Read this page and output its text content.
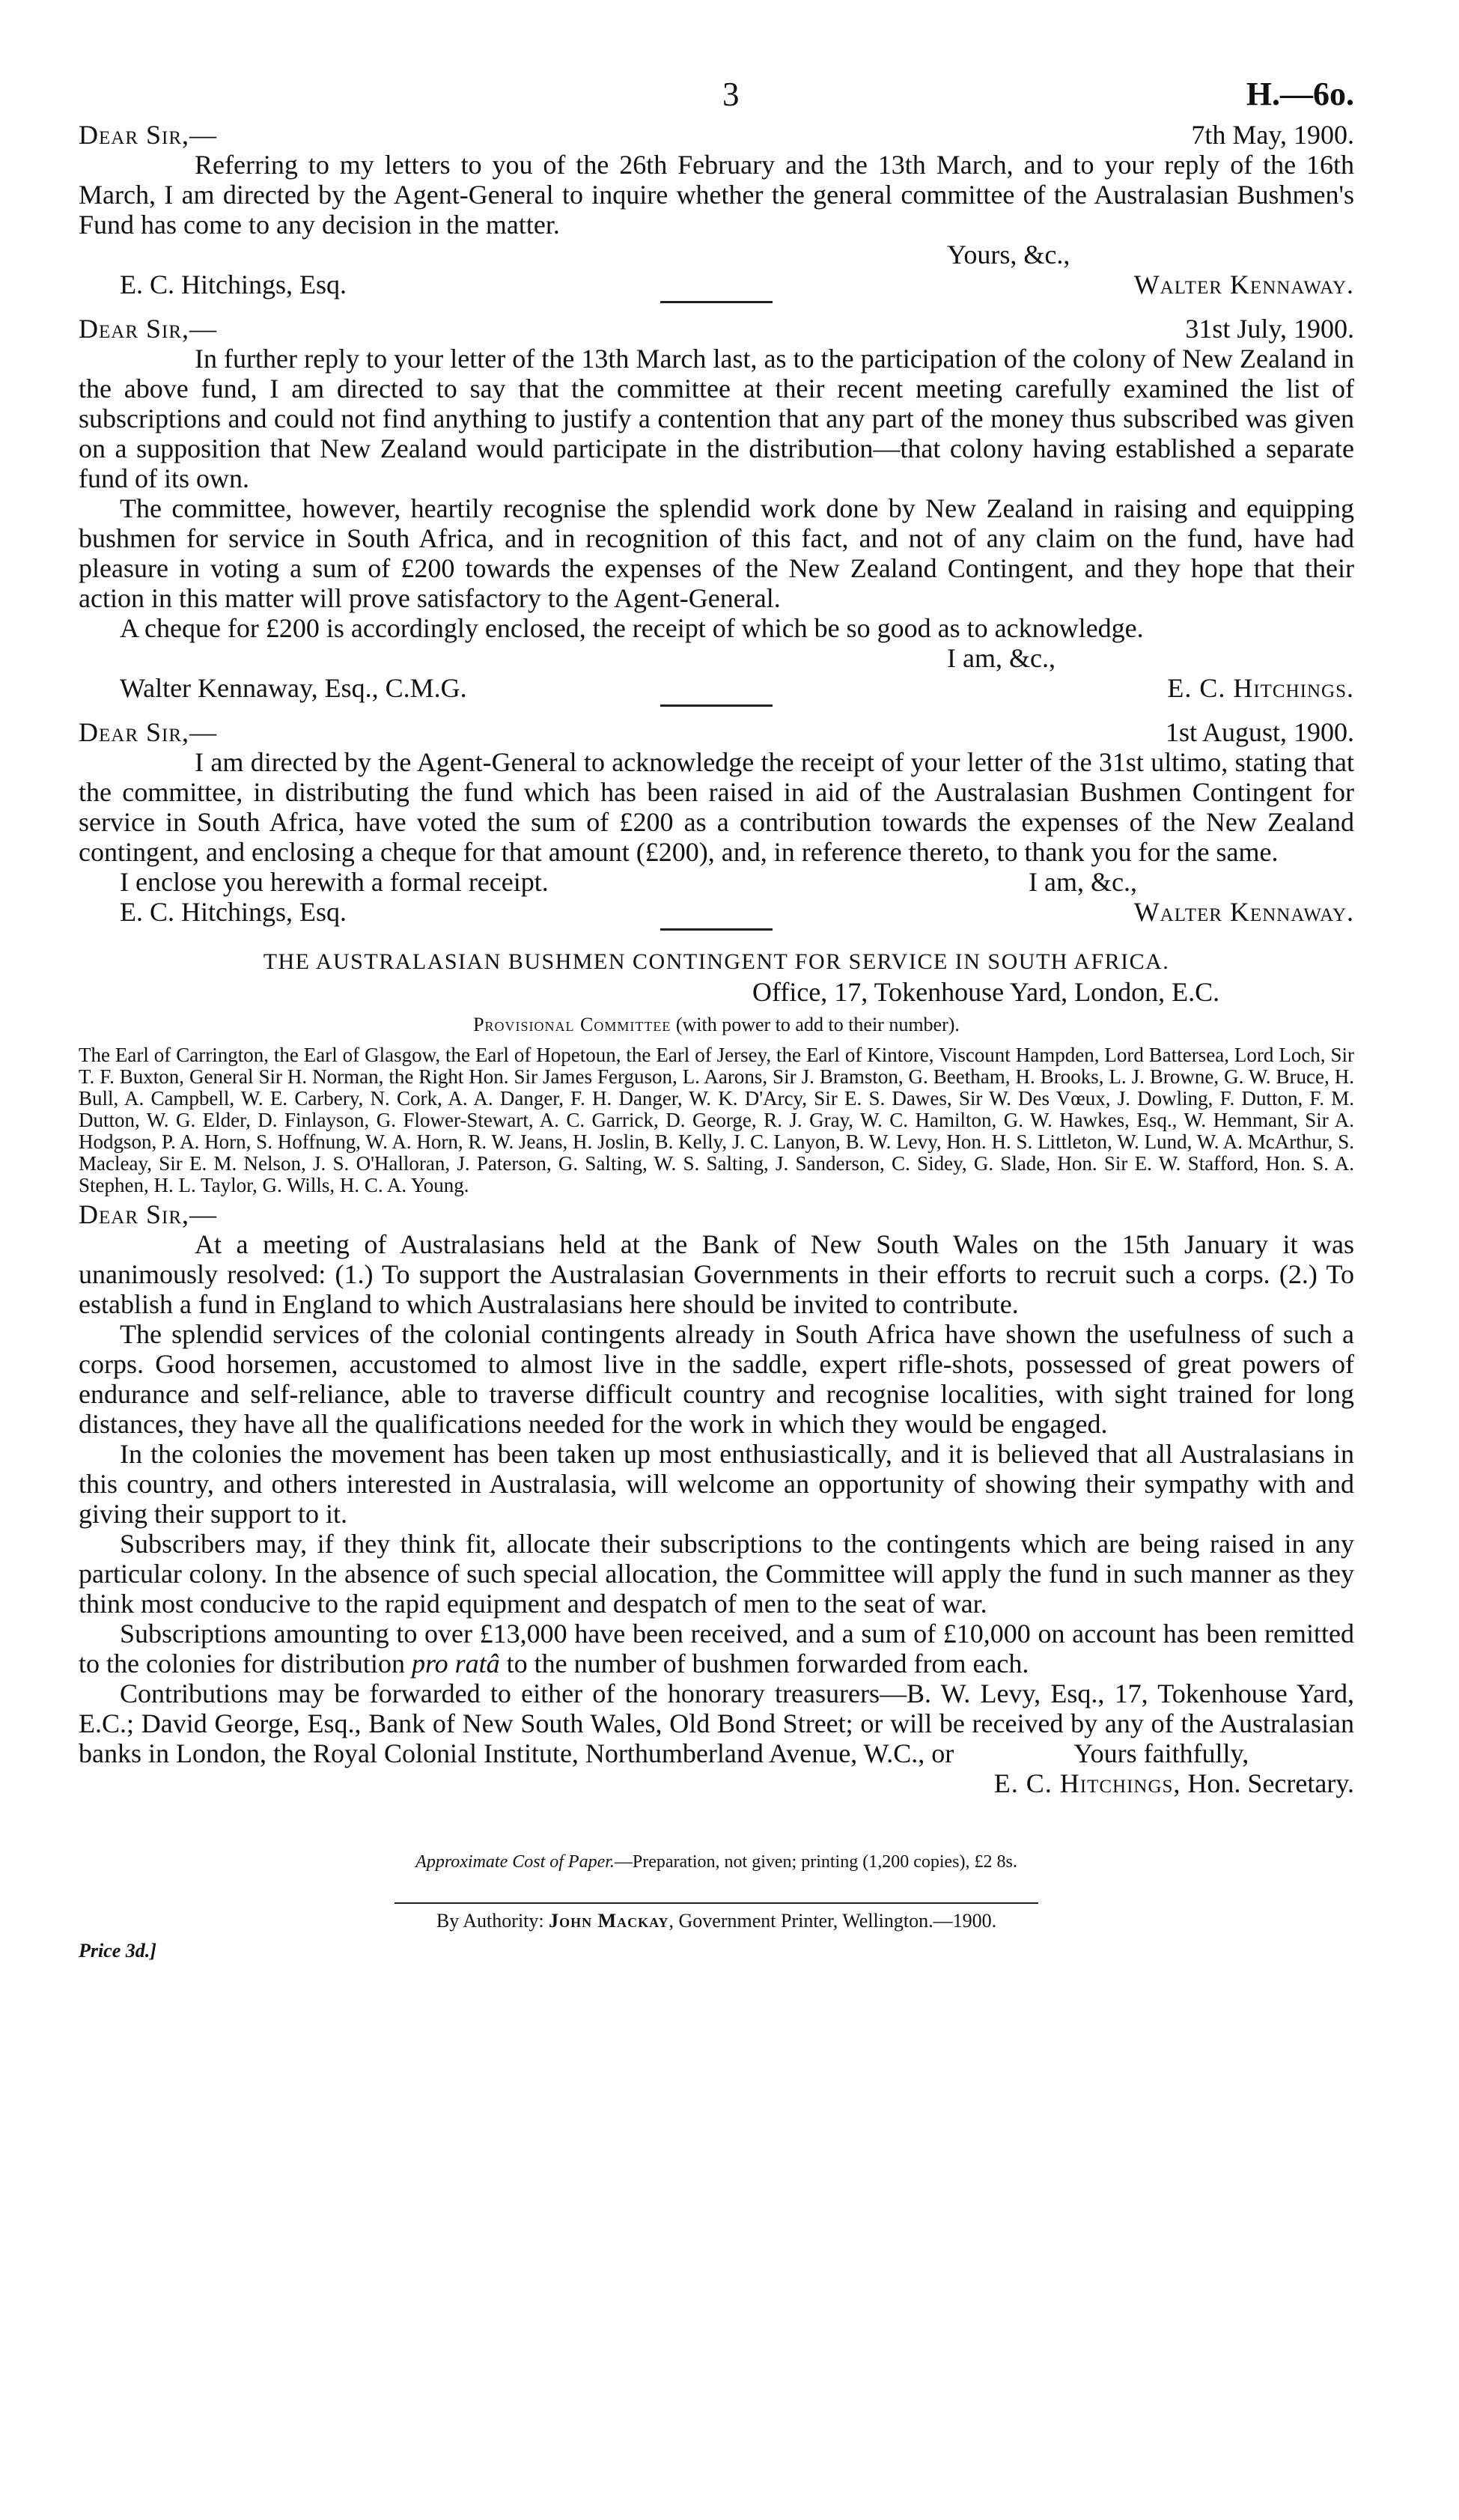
3	H.—6o.
Dear Sir,—	7th May, 1900.

Referring to my letters to you of the 26th February and the 13th March, and to your reply of the 16th March, I am directed by the Agent-General to inquire whether the general committee of the Australasian Bushmen's Fund has come to any decision in the matter.

Yours, &c.,
E. C. Hitchings, Esq.	Walter Kennaway.
Dear Sir,—	31st July, 1900.

In further reply to your letter of the 13th March last, as to the participation of the colony of New Zealand in the above fund, I am directed to say that the committee at their recent meeting carefully examined the list of subscriptions and could not find anything to justify a contention that any part of the money thus subscribed was given on a supposition that New Zealand would participate in the distribution—that colony having established a separate fund of its own.

The committee, however, heartily recognise the splendid work done by New Zealand in raising and equipping bushmen for service in South Africa, and in recognition of this fact, and not of any claim on the fund, have had pleasure in voting a sum of £200 towards the expenses of the New Zealand Contingent, and they hope that their action in this matter will prove satisfactory to the Agent-General.

A cheque for £200 is accordingly enclosed, the receipt of which be so good as to acknowledge.

I am, &c.,
Walter Kennaway, Esq., C.M.G.	E. C. Hitchings.
Dear Sir,—	1st August, 1900.

I am directed by the Agent-General to acknowledge the receipt of your letter of the 31st ultimo, stating that the committee, in distributing the fund which has been raised in aid of the Australasian Bushmen Contingent for service in South Africa, have voted the sum of £200 as a contribution towards the expenses of the New Zealand contingent, and enclosing a cheque for that amount (£200), and, in reference thereto, to thank you for the same.

I enclose you herewith a formal receipt.	I am, &c.,
E. C. Hitchings, Esq.	Walter Kennaway.
THE AUSTRALASIAN BUSHMEN CONTINGENT FOR SERVICE IN SOUTH AFRICA.
Office, 17, Tokenhouse Yard, London, E.C.
Provisional Committee (with power to add to their number).

The Earl of Carrington, the Earl of Glasgow, the Earl of Hopetoun, the Earl of Jersey, the Earl of Kintore, Viscount Hampden, Lord Battersea, Lord Loch, Sir T. F. Buxton, General Sir H. Norman, the Right Hon. Sir James Ferguson, L. Aarons, Sir J. Bramston, G. Beetham, H. Brooks, L. J. Browne, G. W. Bruce, H. Bull, A. Campbell, W. E. Carbery, N. Cork, A. A. Danger, F. H. Danger, W. K. D'Arcy, Sir E. S. Dawes, Sir W. Des Vœux, J. Dowling, F. Dutton, F. M. Dutton, W. G. Elder, D. Finlayson, G. Flower-Stewart, A. C. Garrick, D. George, R. J. Gray, W. C. Hamilton, G. W. Hawkes, Esq., W. Hemmant, Sir A. Hodgson, P. A. Horn, S. Hoffnung, W. A. Horn, R. W. Jeans, H. Joslin, B. Kelly, J. C. Lanyon, B. W. Levy, Hon. H. S. Littleton, W. Lund, W. A. McArthur, S. Macleay, Sir E. M. Nelson, J. S. O'Halloran, J. Paterson, G. Salting, W. S. Salting, J. Sanderson, C. Sidey, G. Slade, Hon. Sir E. W. Stafford, Hon. S. A. Stephen, H. L. Taylor, G. Wills, H. C. A. Young.

Dear Sir,—

At a meeting of Australasians held at the Bank of New South Wales on the 15th January it was unanimously resolved: (1.) To support the Australasian Governments in their efforts to recruit such a corps. (2.) To establish a fund in England to which Australasians here should be invited to contribute.

The splendid services of the colonial contingents already in South Africa have shown the usefulness of such a corps. Good horsemen, accustomed to almost live in the saddle, expert rifle-shots, possessed of great powers of endurance and self-reliance, able to traverse difficult country and recognise localities, with sight trained for long distances, they have all the qualifications needed for the work in which they would be engaged.

In the colonies the movement has been taken up most enthusiastically, and it is believed that all Australasians in this country, and others interested in Australasia, will welcome an opportunity of showing their sympathy with and giving their support to it.

Subscribers may, if they think fit, allocate their subscriptions to the contingents which are being raised in any particular colony. In the absence of such special allocation, the Committee will apply the fund in such manner as they think most conducive to the rapid equipment and despatch of men to the seat of war.

Subscriptions amounting to over £13,000 have been received, and a sum of £10,000 on account has been remitted to the colonies for distribution pro ratâ to the number of bushmen forwarded from each.

Contributions may be forwarded to either of the honorary treasurers—B. W. Levy, Esq., 17, Tokenhouse Yard, E.C.; David George, Esq., Bank of New South Wales, Old Bond Street; or will be received by any of the Australasian banks in London, the Royal Colonial Institute, Northumberland Avenue, W.C., or	Yours faithfully,

E. C. Hitchings, Hon. Secretary.
Approximate Cost of Paper.—Preparation, not given; printing (1,200 copies), £2 8s.
By Authority: John Mackay, Government Printer, Wellington.—1900.
Price 3d.]
